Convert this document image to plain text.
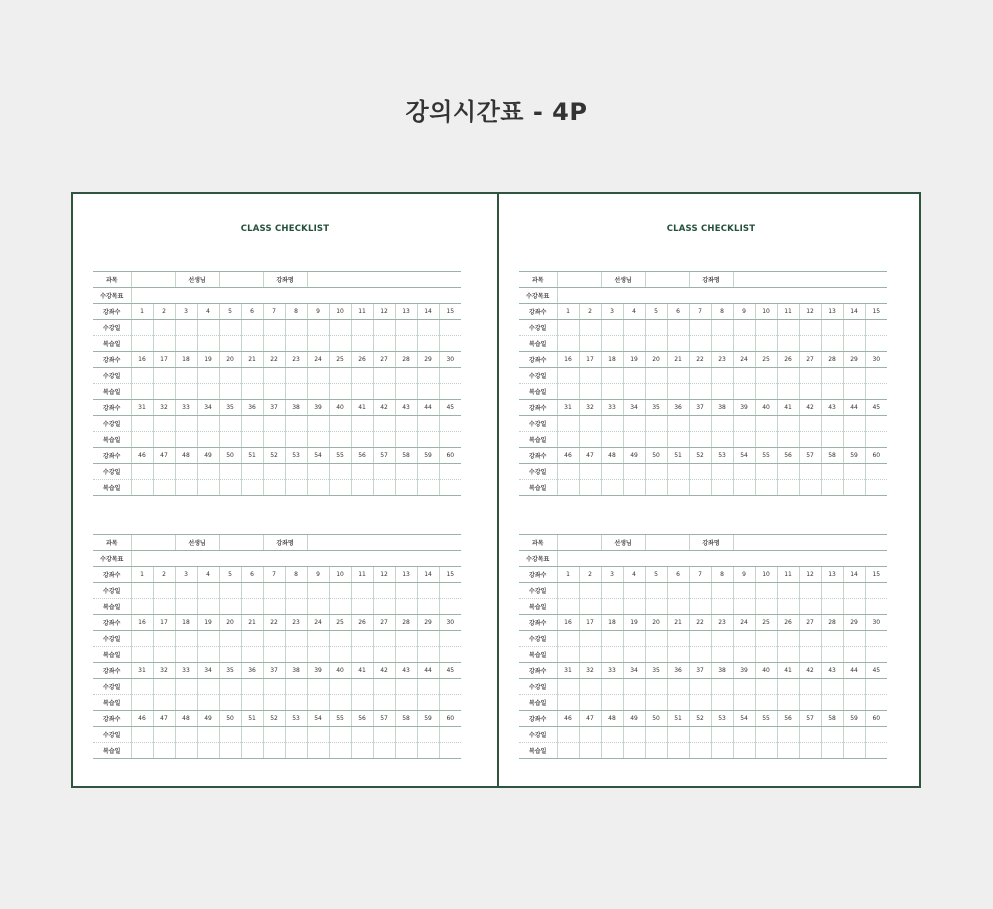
강의시간표 - 4P
CLASS CHECKLIST
과목			선생님				강좌명								
수강목표															
강좌수	1	2	3	4	5	6	7	8	9	10	11	12	13	14	15
수강일															
복습일															
강좌수	16	17	18	19	20	21	22	23	24	25	26	27	28	29	30
수강일															
복습일															
강좌수	31	32	33	34	35	36	37	38	39	40	41	42	43	44	45
수강일															
복습일															
강좌수	46	47	48	49	50	51	52	53	54	55	56	57	58	59	60
수강일															
복습일															
과목			선생님				강좌명								
수강목표															
강좌수	1	2	3	4	5	6	7	8	9	10	11	12	13	14	15
수강일															
복습일															
강좌수	16	17	18	19	20	21	22	23	24	25	26	27	28	29	30
수강일															
복습일															
강좌수	31	32	33	34	35	36	37	38	39	40	41	42	43	44	45
수강일															
복습일															
강좌수	46	47	48	49	50	51	52	53	54	55	56	57	58	59	60
수강일															
복습일															
CLASS CHECKLIST
과목			선생님				강좌명								
수강목표															
강좌수	1	2	3	4	5	6	7	8	9	10	11	12	13	14	15
수강일															
복습일															
강좌수	16	17	18	19	20	21	22	23	24	25	26	27	28	29	30
수강일															
복습일															
강좌수	31	32	33	34	35	36	37	38	39	40	41	42	43	44	45
수강일															
복습일															
강좌수	46	47	48	49	50	51	52	53	54	55	56	57	58	59	60
수강일															
복습일															
과목			선생님				강좌명								
수강목표															
강좌수	1	2	3	4	5	6	7	8	9	10	11	12	13	14	15
수강일															
복습일															
강좌수	16	17	18	19	20	21	22	23	24	25	26	27	28	29	30
수강일															
복습일															
강좌수	31	32	33	34	35	36	37	38	39	40	41	42	43	44	45
수강일															
복습일															
강좌수	46	47	48	49	50	51	52	53	54	55	56	57	58	59	60
수강일															
복습일															
